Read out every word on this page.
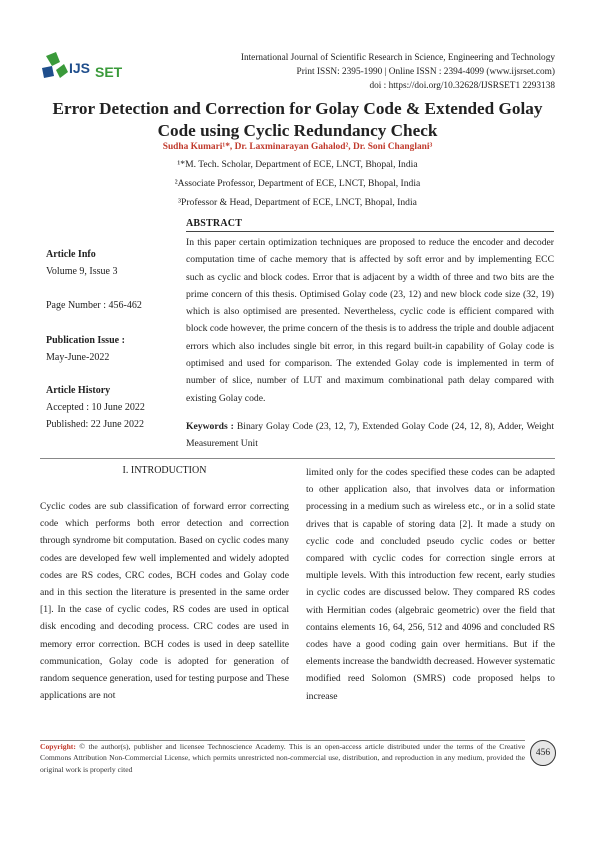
IJS SET
International Journal of Scientific Research in Science, Engineering and Technology
Print ISSN: 2395-1990 | Online ISSN : 2394-4099 (www.ijsrset.com)
doi : https://doi.org/10.32628/IJSRSET1 2293138
Error Detection and Correction for Golay Code & Extended Golay Code using Cyclic Redundancy Check
Sudha Kumari¹*, Dr. Laxminarayan Gahalod², Dr. Soni Changlani³
¹*M. Tech. Scholar, Department of ECE, LNCT, Bhopal, India
²Associate Professor, Department of ECE, LNCT, Bhopal, India
³Professor & Head, Department of ECE, LNCT, Bhopal, India
Article Info
Volume 9, Issue 3
Page Number : 456-462
Publication Issue :
May-June-2022
Article History
Accepted : 10 June 2022
Published: 22 June 2022
ABSTRACT
In this paper certain optimization techniques are proposed to reduce the encoder and decoder computation time of cache memory that is affected by soft error and by implementing ECC such as cyclic and block codes. Error that is adjacent by a width of three and two bits are the prime concern of this thesis. Optimised Golay code (23, 12) and new block code size (32, 19) which is also optimised are presented. Nevertheless, cyclic code is efficient compared with block code however, the prime concern of the thesis is to address the triple and double adjacent errors which also includes single bit error, in this regard built-in capability of Golay code is optimised and used for comparison. The extended Golay code is implemented in term of number of slice, number of LUT and maximum combinational path delay compared with existing Golay code.
Keywords : Binary Golay Code (23, 12, 7), Extended Golay Code (24, 12, 8), Adder, Weight Measurement Unit
I. INTRODUCTION
Cyclic codes are sub classification of forward error correcting code which performs both error detection and correction through syndrome bit computation. Based on cyclic codes many codes are developed few well implemented and widely adopted codes are RS codes, CRC codes, BCH codes and Golay code and in this section the literature is presented in the same order [1]. In the case of cyclic codes, RS codes are used in optical disk encoding and decoding process. CRC codes are used in memory error correction. BCH codes is used in deep satellite communication, Golay code is adopted for generation of random sequence generation, used for testing purpose and These applications are not
limited only for the codes specified these codes can be adapted to other application also, that involves data or information processing in a medium such as wireless etc., or in a solid state drives that is capable of storing data [2]. It made a study on cyclic code and concluded pseudo cyclic codes or better compared with cyclic codes for correction single errors at multiple levels. With this introduction few recent, early studies in cyclic codes are discussed below. They compared RS codes with Hermitian codes (algebraic geometric) over the field that contains elements 16, 64, 256, 512 and 4096 and concluded RS codes have a good coding gain over hermitians. But if the elements increase the bandwidth decreased. However systematic modified reed Solomon (SMRS) code proposed helps to increase
Copyright: © the author(s), publisher and licensee Technoscience Academy. This is an open-access article distributed under the terms of the Creative Commons Attribution Non-Commercial License, which permits unrestricted non-commercial use, distribution, and reproduction in any medium, provided the original work is properly cited
456
